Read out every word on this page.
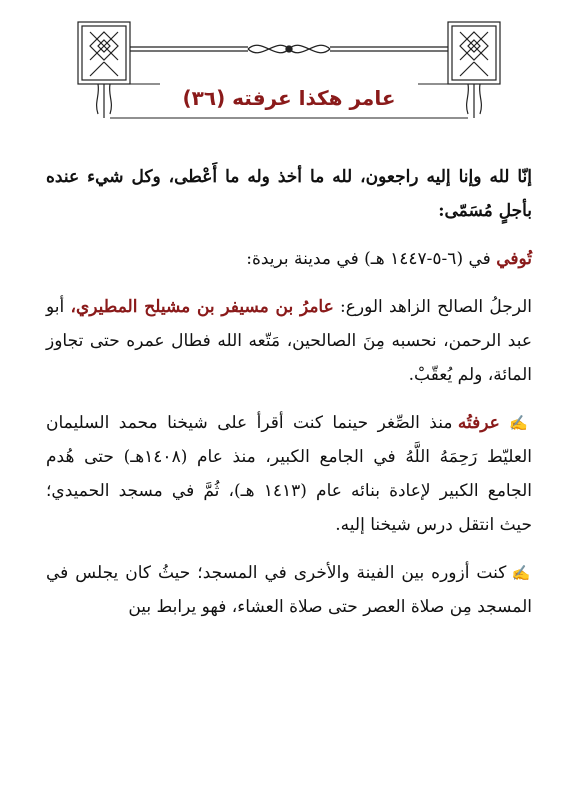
عامر هكذا عرفته (٣٦)

إنّا لله وإنا إليه راجعون، لله ما أخذ وله ما أَعْطى، وكل شيء عنده بأجلٍ مُسَمّى:

تُوفي في (٦-٥-١٤٤٧ هـ) في مدينة بريدة:

الرجلُ الصالح الزاهد الورع: عامرُ بن مسيفر بن مشيلح المطيري، أبو عبد الرحمن، نحسبه مِنَ الصالحين، مَتّعه الله فطال عمره حتى تجاوز المائة، ولم يُعقّبْ.

✍ عرفتُه منذ الصِّغر حينما كنت أقرأ على شيخنا محمد السليمان العليّط رَحِمَهُ اللَّهُ في الجامع الكبير، منذ عام (١٤٠٨هـ) حتى هُدم الجامع الكبير لإعادة بنائه عام (١٤١٣ هـ)، ثُمَّ في مسجد الحميدي؛ حيث انتقل درس شيخنا إليه.

✍ كنت أزوره بين الفينة والأخرى في المسجد؛ حيثُ كان يجلس في المسجد مِن صلاة العصر حتى صلاة العشاء، فهو يرابط بين
